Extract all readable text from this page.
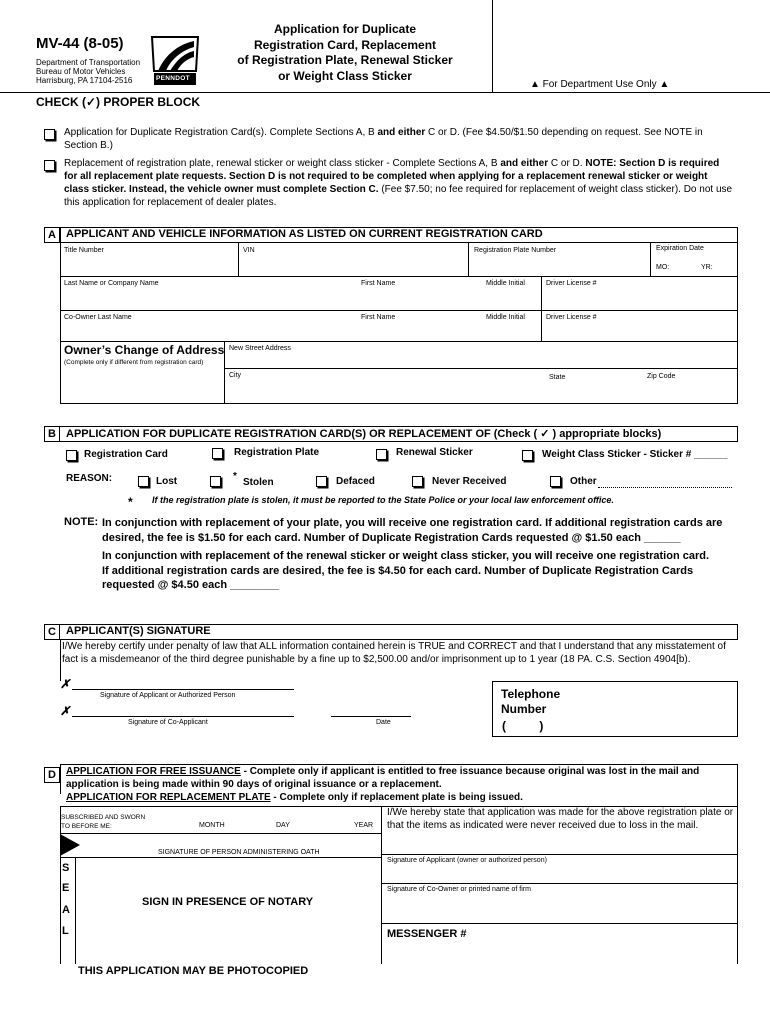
MV-44 (8-05)
Department of Transportation
Bureau of Motor Vehicles
Harrisburg, PA 17104-2516	PENNDOT
Application for Duplicate
Registration Card, Replacement
of Registration Plate, Renewal Sticker
or Weight Class Sticker
▲ For Department Use Only ▲
CHECK (✓) PROPER BLOCK

Application for Duplicate Registration Card(s). Complete Sections A, B and either C or D. (Fee $4.50/$1.50 depending on request. See NOTE in Section B.)

Replacement of registration plate, renewal sticker or weight class sticker - Complete Sections A, B and either C or D. NOTE: Section D is required for all replacement plate requests. Section D is not required to be completed when applying for a replacement renewal sticker or weight class sticker. Instead, the vehicle owner must complete Section C. (Fee $7.50; no fee required for replacement of weight class sticker). Do not use this application for replacement of dealer plates.

A APPLICANT AND VEHICLE INFORMATION AS LISTED ON CURRENT REGISTRATION CARD
Title Number	VIN	Registration Plate Number	Expiration Date
MO:	YR:
Last Name or Company Name	First Name	Middle Initial	Driver License #
Co-Owner Last Name	First Name	Middle Initial	Driver License #
Owner’s Change of Address
(Complete only if different from registration card)
New Street Address
City	State	Zip Code
B APPLICATION FOR DUPLICATE REGISTRATION CARD(S) OR REPLACEMENT OF (Check ( ✓ ) appropriate blocks)
Registration Card	Registration Plate	Renewal Sticker	Weight Class Sticker - Sticker # ______
REASON:	Lost	*
Stolen	Defaced	Never Received	Other
* If the registration plate is stolen, it must be reported to the State Police or your local law enforcement office.
NOTE: In conjunction with replacement of your plate, you will receive one registration card. If additional registration cards are desired, the fee is $1.50 for each card. Number of Duplicate Registration Cards requested @ $1.50 each ______

In conjunction with replacement of the renewal sticker or weight class sticker, you will receive one registration card. If additional registration cards are desired, the fee is $4.50 for each card. Number of Duplicate Registration Cards requested @ $4.50 each ________

C APPLICANT(S) SIGNATURE

I/We hereby certify under penalty of law that ALL information contained herein is TRUE and CORRECT and that I understand that any misstatement of fact is a misdemeanor of the third degree punishable by a fine up to $2,500.00 and/or imprisonment up to 1 year (18 PA. C.S. Section 4904[b).

✗
Signature of Applicant or Authorized Person
✗
Signature of Co-Applicant	Date
Telephone
Number
(          )
D	APPLICATION FOR FREE ISSUANCE - Complete only if applicant is entitled to free issuance because original was lost in the mail and application is being made within 90 days of original issuance or a replacement.

APPLICATION FOR REPLACEMENT PLATE - Complete only if replacement plate is being issued.

SUBSCRIBED AND SWORN
TO BEFORE ME:	MONTH	DAY	YEAR

I/We hereby state that application was made for the above registration plate or that the items as indicated were never received due to loss in the mail.

SIGNATURE OF PERSON ADMINISTERING OATH
S
E
A
L
SIGN IN PRESENCE OF NOTARY
Signature of Applicant (owner or authorized person)
Signature of Co-Owner or printed name of firm
MESSENGER #
THIS APPLICATION MAY BE PHOTOCOPIED
